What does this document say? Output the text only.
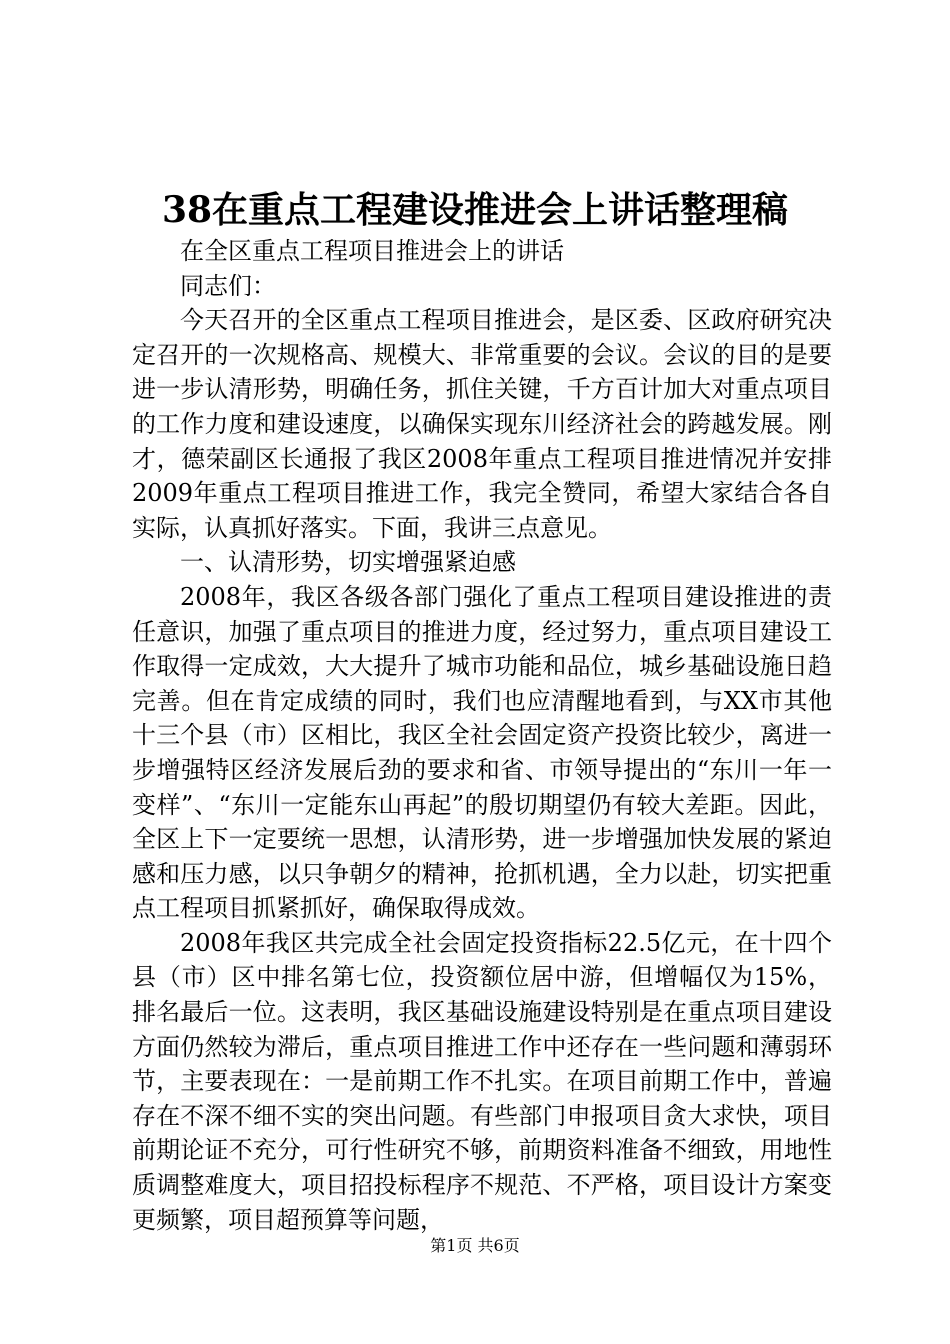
38在重点工程建设推进会上讲话整理稿

在全区重点工程项目推进会上的讲话

同志们：

今天召开的全区重点工程项目推进会，是区委、区政府研究决定召开的一次规格高、规模大、非常重要的会议。会议的目的是要进一步认清形势，明确任务，抓住关键，千方百计加大对重点项目的工作力度和建设速度，以确保实现东川经济社会的跨越发展。刚才，德荣副区长通报了我区2008年重点工程项目推进情况并安排2009年重点工程项目推进工作，我完全赞同，希望大家结合各自实际，认真抓好落实。下面，我讲三点意见。

一、认清形势，切实增强紧迫感

2008年，我区各级各部门强化了重点工程项目建设推进的责任意识，加强了重点项目的推进力度，经过努力，重点项目建设工作取得一定成效，大大提升了城市功能和品位，城乡基础设施日趋完善。但在肯定成绩的同时，我们也应清醒地看到，与XX市其他十三个县（市）区相比，我区全社会固定资产投资比较少，离进一步增强特区经济发展后劲的要求和省、市领导提出的“东川一年一变样”、“东川一定能东山再起”的殷切期望仍有较大差距。因此，全区上下一定要统一思想，认清形势，进一步增强加快发展的紧迫感和压力感，以只争朝夕的精神，抢抓机遇，全力以赴，切实把重点工程项目抓紧抓好，确保取得成效。

2008年我区共完成全社会固定投资指标22.5亿元，在十四个县（市）区中排名第七位，投资额位居中游，但增幅仅为15%，排名最后一位。这表明，我区基础设施建设特别是在重点项目建设方面仍然较为滞后，重点项目推进工作中还存在一些问题和薄弱环节，主要表现在：一是前期工作不扎实。在项目前期工作中，普遍存在不深不细不实的突出问题。有些部门申报项目贪大求快，项目前期论证不充分，可行性研究不够，前期资料准备不细致，用地性质调整难度大，项目招投标程序不规范、不严格，项目设计方案变更频繁，项目超预算等问题，

第1页 共6页
